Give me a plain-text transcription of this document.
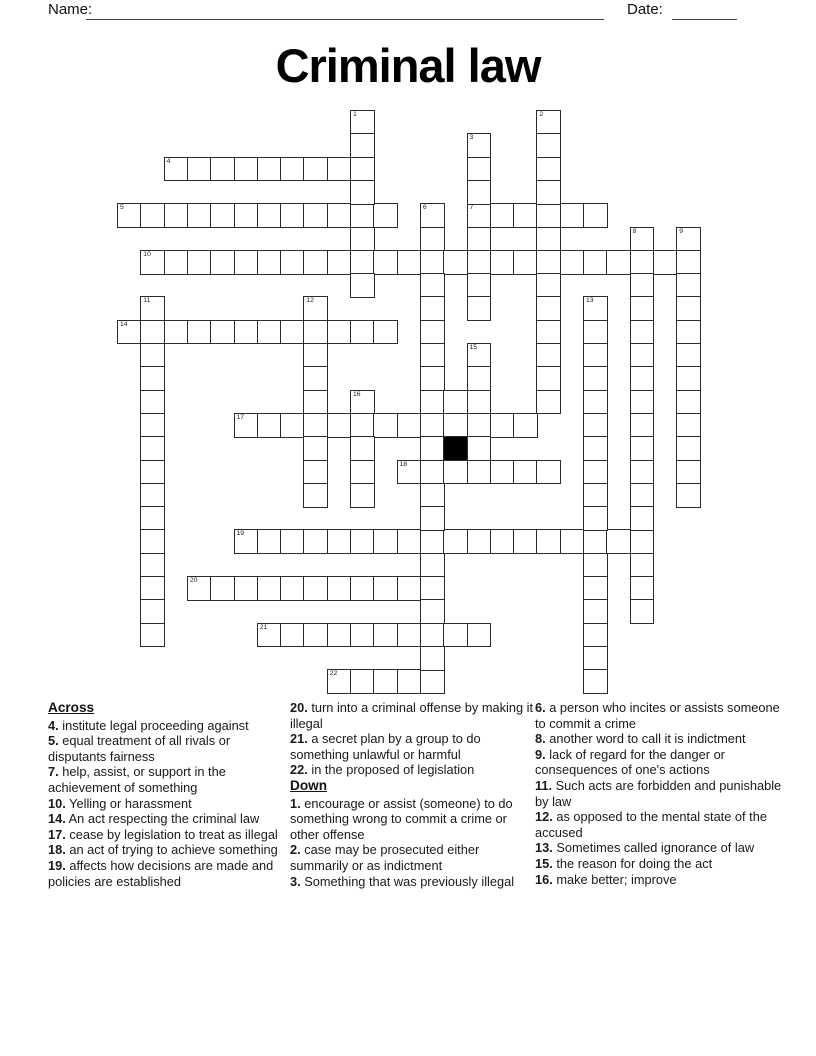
Name:	Date:
Criminal law
4
5	7
10
14
17
18
19
20
21
22
1	2
3
6
8	9
11	12	13
15
16
Across
4. institute legal proceeding against
5. equal treatment of all rivals or disputants fairness
7. help, assist, or support in the achievement of something
10. Yelling or harassment
14. An act respecting the criminal law
17. cease by legislation to treat as illegal
18. an act of trying to achieve something
19. affects how decisions are made and policies are established
20. turn into a criminal offense by making it illegal
21. a secret plan by a group to do something unlawful or harmful
22. in the proposed of legislation
Down
1. encourage or assist (someone) to do something wrong to commit a crime or other offense
2. case may be prosecuted either summarily or as indictment
3. Something that was previously illegal
6. a person who incites or assists someone to commit a crime
8. another word to call it is indictment
9. lack of regard for the danger or consequences of one's actions
11. Such acts are forbidden and punishable by law
12. as opposed to the mental state of the accused
13. Sometimes called ignorance of law
15. the reason for doing the act
16. make better; improve
